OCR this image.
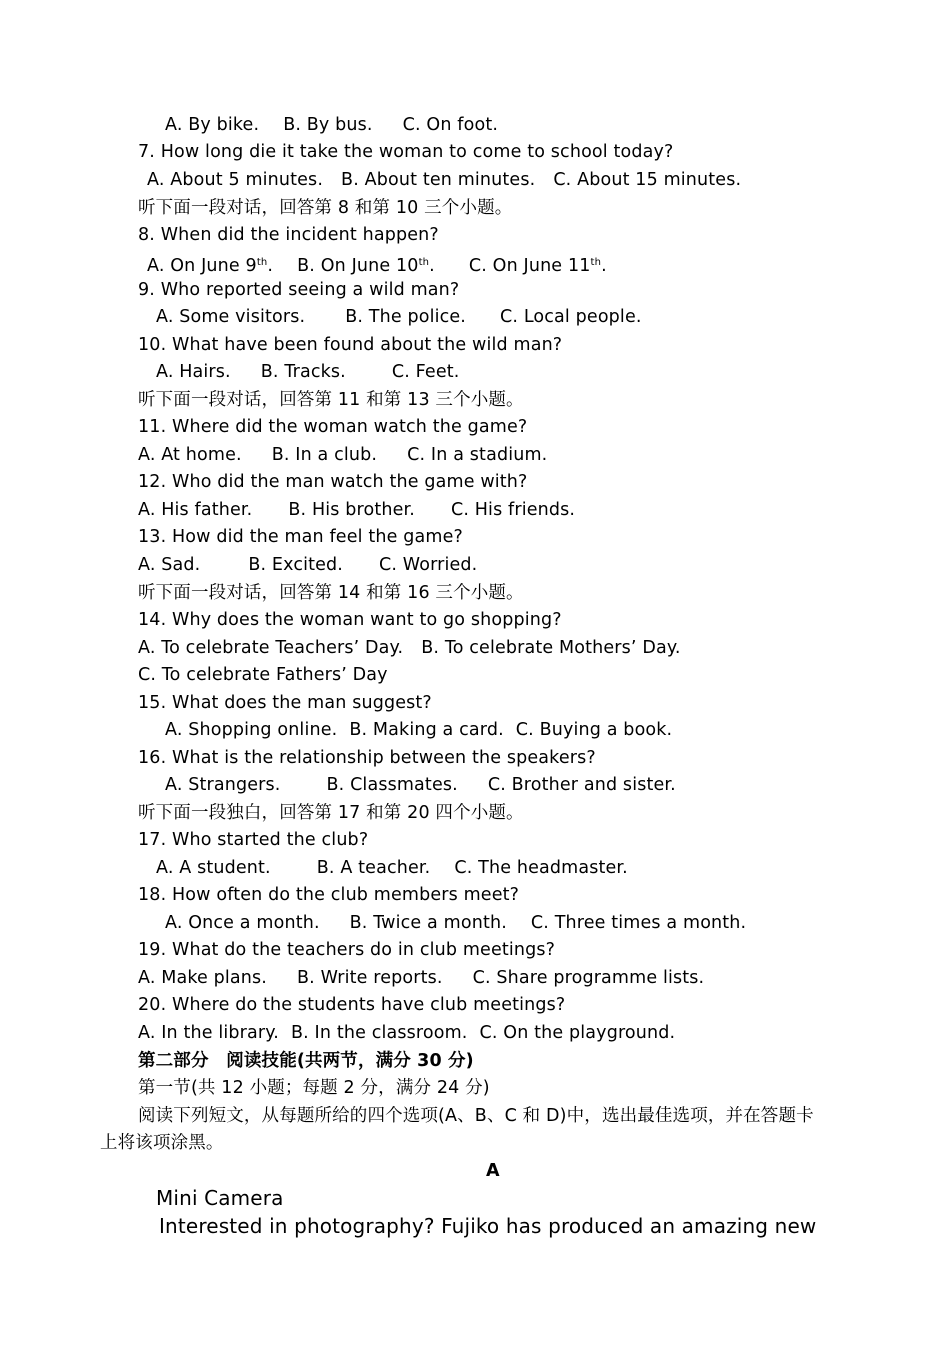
A. By bike. B. By bus. C. On foot.
7. How long die it take the woman to come to school today?
A. About 5 minutes. B. About ten minutes. C. About 15 minutes.
听下面一段对话，回答第 8 和第 10 三个小题。
8. When did the incident happen?
A. On June 9th. B. On June 10th. C. On June 11th.
9. Who reported seeing a wild man?
A. Some visitors. B. The police. C. Local people.
10. What have been found about the wild man?
A. Hairs. B. Tracks.	C. Feet.
听下面一段对话，回答第 11 和第 13 三个小题。
11. Where did the woman watch the game?
A. At home. B. In a club. C. In a stadium.
12. Who did the man watch the game with?
A. His father. B. His brother. C. His friends.
13. How did the man feel the game?
A. Sad.	B. Excited. C. Worried.
听下面一段对话，回答第 14 和第 16 三个小题。
14. Why does the woman want to go shopping?
A. To celebrate Teachers’ Day. B. To celebrate Mothers’ Day.
C. To celebrate Fathers’ Day
15. What does the man suggest?
A. Shopping online. B. Making a card. C. Buying a book.
16. What is the relationship between the speakers?
A. Strangers.	B. Classmates. C. Brother and sister.
听下面一段独白，回答第 17 和第 20 四个小题。
17. Who started the club?
A. A student.	B. A teacher. C. The headmaster.
18. How often do the club members meet?
A. Once a month. B. Twice a month. C. Three times a month.
19. What do the teachers do in club meetings?
A. Make plans. B. Write reports. C. Share programme lists.
20. Where do the students have club meetings?
A. In the library. B. In the classroom. C. On the playground.
第二部分　阅读技能(共两节，满分 30 分)
第一节(共 12 小题；每题 2 分，满分 24 分)
阅读下列短文，从每题所给的四个选项(A、B、C 和 D)中，选出最佳选项，并在答题卡
上将该项涂黑。
A
Mini Camera
Interested in photography? Fujiko has produced an amazing new
